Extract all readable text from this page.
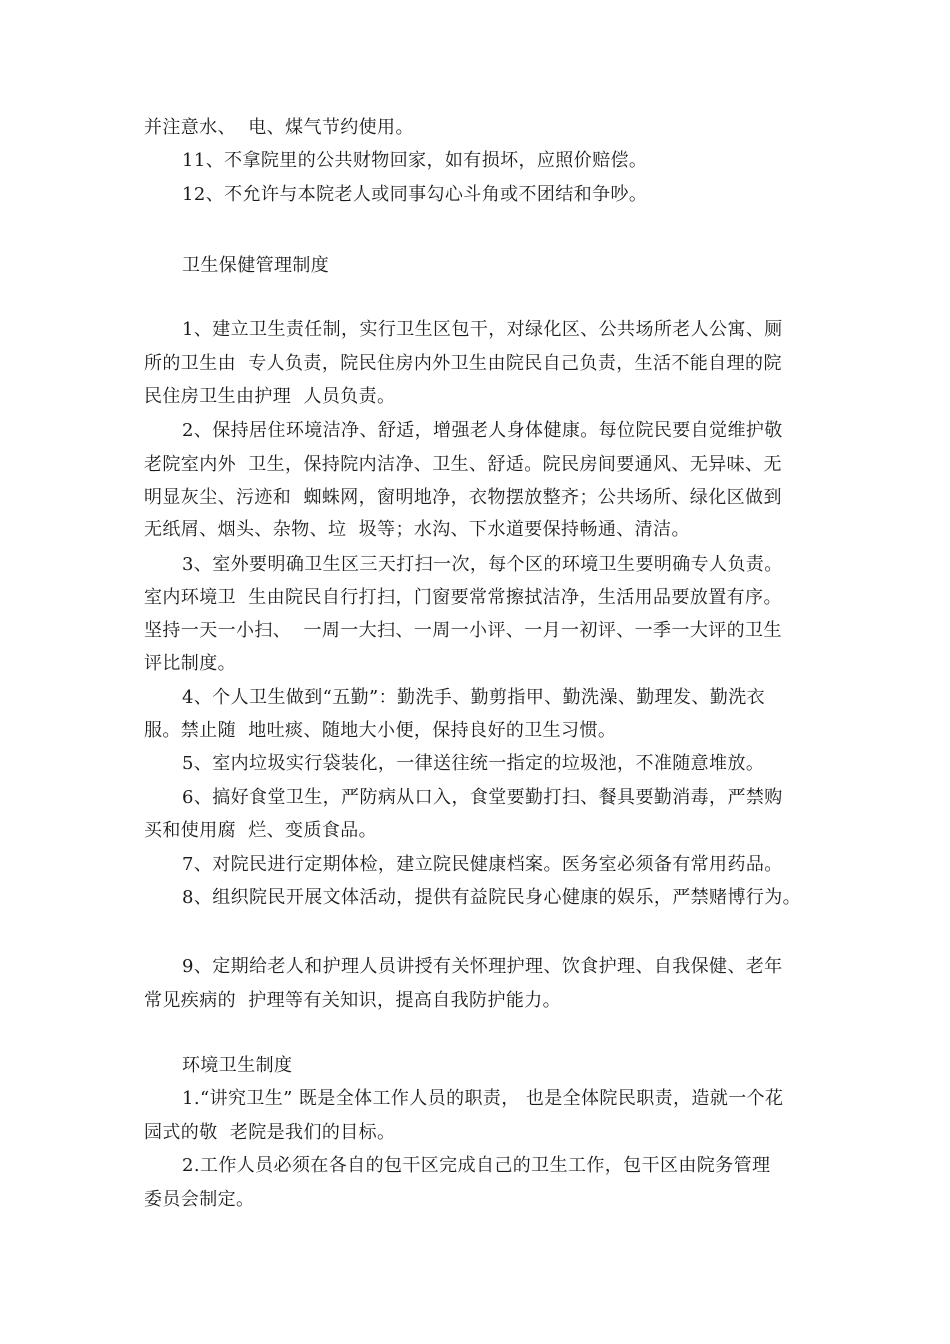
并注意水、  电、煤气节约使用。
11、不拿院里的公共财物回家，如有损坏，应照价赔偿。
12、不允许与本院老人或同事勾心斗角或不团结和争吵。
卫生保健管理制度
1、建立卫生责任制，实行卫生区包干，对绿化区、公共场所老人公寓、厕
所的卫生由  专人负责，院民住房内外卫生由院民自己负责，生活不能自理的院
民住房卫生由护理  人员负责。
2、保持居住环境洁净、舒适，增强老人身体健康。每位院民要自觉维护敬
老院室内外  卫生，保持院内洁净、卫生、舒适。院民房间要通风、无异味、无
明显灰尘、污迹和  蜘蛛网，窗明地净，衣物摆放整齐；公共场所、绿化区做到
无纸屑、烟头、杂物、垃  圾等；水沟、下水道要保持畅通、清洁。
3、室外要明确卫生区三天打扫一次，每个区的环境卫生要明确专人负责。
室内环境卫  生由院民自行打扫，门窗要常常擦拭洁净，生活用品要放置有序。
坚持一天一小扫、  一周一大扫、一周一小评、一月一初评、一季一大评的卫生
评比制度。
4、个人卫生做到“五勤”：勤洗手、勤剪指甲、勤洗澡、勤理发、勤洗衣
服。禁止随  地吐痰、随地大小便，保持良好的卫生习惯。
5、室内垃圾实行袋装化，一律送往统一指定的垃圾池，不准随意堆放。
6、搞好食堂卫生，严防病从口入，食堂要勤打扫、餐具要勤消毒，严禁购
买和使用腐  烂、变质食品。
7、对院民进行定期体检，建立院民健康档案。医务室必须备有常用药品。
8、组织院民开展文体活动，提供有益院民身心健康的娱乐，严禁赌博行为。
9、定期给老人和护理人员讲授有关怀理护理、饮食护理、自我保健、老年
常见疾病的  护理等有关知识，提高自我防护能力。
环境卫生制度
1.“讲究卫生” 既是全体工作人员的职责， 也是全体院民职责，造就一个花
园式的敬  老院是我们的目标。
2.工作人员必须在各自的包干区完成自己的卫生工作，包干区由院务管理
委员会制定。
